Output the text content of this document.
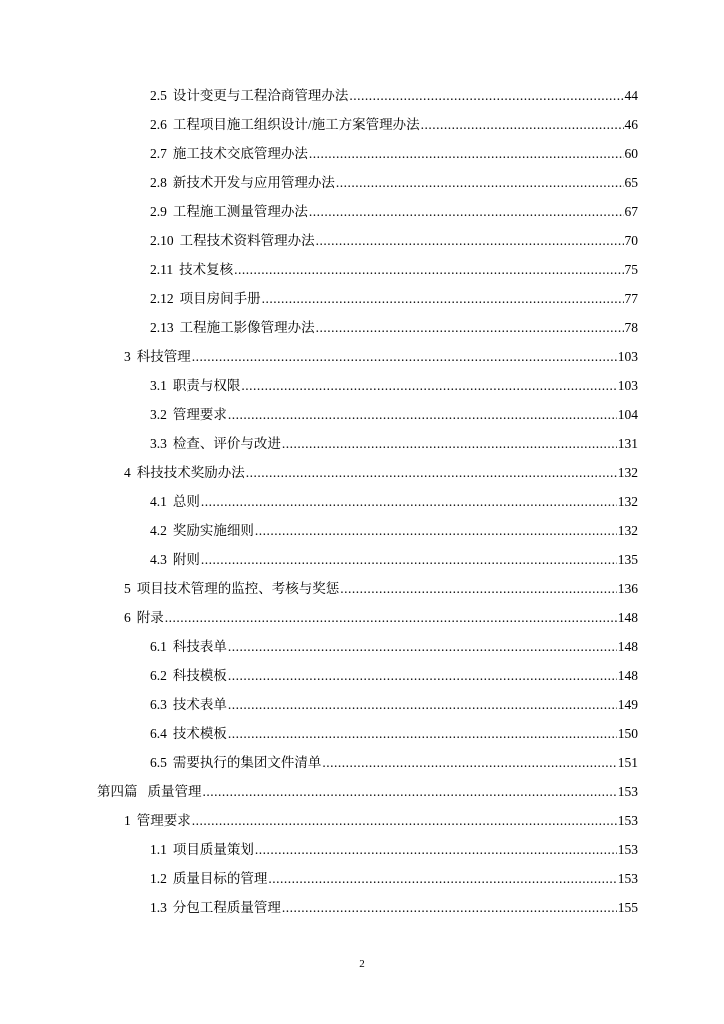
2.5 设计变更与工程洽商管理办法 .....	44
2.6 工程项目施工组织设计/施工方案管理办法 .....	46
2.7 施工技术交底管理办法 .....	60
2.8 新技术开发与应用管理办法 .....	65
2.9 工程施工测量管理办法 .....	67
2.10 工程技术资料管理办法 .....	70
2.11 技术复核 .....	75
2.12 项目房间手册 .....	77
2.13 工程施工影像管理办法 .....	78
3 科技管理 .....	103
3.1 职责与权限 .....	103
3.2 管理要求 .....	104
3.3 检查、评价与改进 .....	131
4 科技技术奖励办法 .....	132
4.1 总则 .....	132
4.2 奖励实施细则 .....	132
4.3 附则 .....	135
5 项目技术管理的监控、考核与奖惩 .....	136
6 附录 .....	148
6.1 科技表单 .....	148
6.2 科技模板 .....	148
6.3 技术表单 .....	149
6.4 技术模板 .....	150
6.5 需要执行的集团文件清单 .....	151
第四篇 质量管理 .....	153
1 管理要求 .....	153
1.1 项目质量策划 .....	153
1.2 质量目标的管理 .....	153
1.3 分包工程质量管理 .....	155
2
